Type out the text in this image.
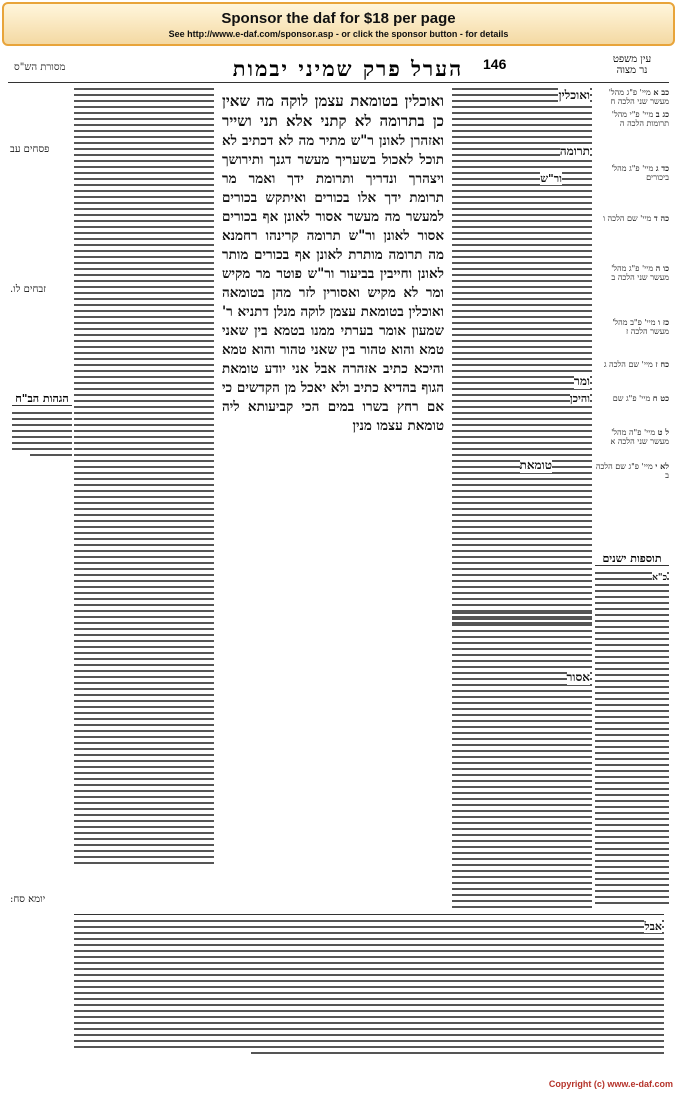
Sponsor the daf for $18 per page
See http://www.e-daf.com/sponsor.asp - or click the sponsor button - for details
מסורת הש"ס	הערל פרק שמיני יבמות	146	עין משפט
נר מצוה
פסחים עב
זבחים לו.
יומא סח:
הגהות הב"ח
ואוכלין בטומאת עצמן לוקה מה שאין כן בתרומה לא קתני אלא תני ושייר ואזהרן לאונן ר"ש מתיר מה לא דכתיב לא תוכל לאכול בשעריך מעשר דגנך ותירושך ויצהרך ונדריך ותרומת ידך ואמר מר תרומת ידך אלו בכורים ואיתקש בכורים למעשר מה מעשר אסור לאונן אף בכורים אסור לאונן ור"ש תרומה קרינהו רחמנא מה תרומה מותרת לאונן אף בכורים מותר לאונן וחייבין בביעור ור"ש פוטר מר מקיש ומר לא מקיש ואסורין לזר מהן בטומאה ואוכלין בטומאת עצמן לוקה מנלן דתניא ר' שמעון אומר בערתי ממנו בטמא בין שאני טמא והוא טהור בין שאני טהור והוא טמא והיכא כתיב אזהרה אבל אני יודע טומאת הגוף בהדיא כתיב ולא יאכל מן הקדשים כי אם רחץ בשרו במים הכי קביעותא ליה טומאת עצמו מנין
ואוכלין
תרומה
ור"ש
ומר
והיכן
טומאת
אסור
כב א מיי' פ"ג מהל' מעשר שני הלכה ח
כג ב מיי' פ"י מהל' תרומות הלכה ה
כד ג מיי' פ"ג מהל' ביכורים
כה ד מיי' שם הלכה ו
כו ה מיי' פ"ג מהל' מעשר שני הלכה ב
כז ו מיי' פ"ב מהל' מעשר הלכה ז
כח ז מיי' שם הלכה ג
כט ח מיי' פ"ג שם
ל ט מיי' פ"ה מהל' מעשר שני הלכה א
לא י מיי' פ"ג שם הלכה ב
תוספות ישנים
כ"א
אבל
Copyright (c) www.e-daf.com
